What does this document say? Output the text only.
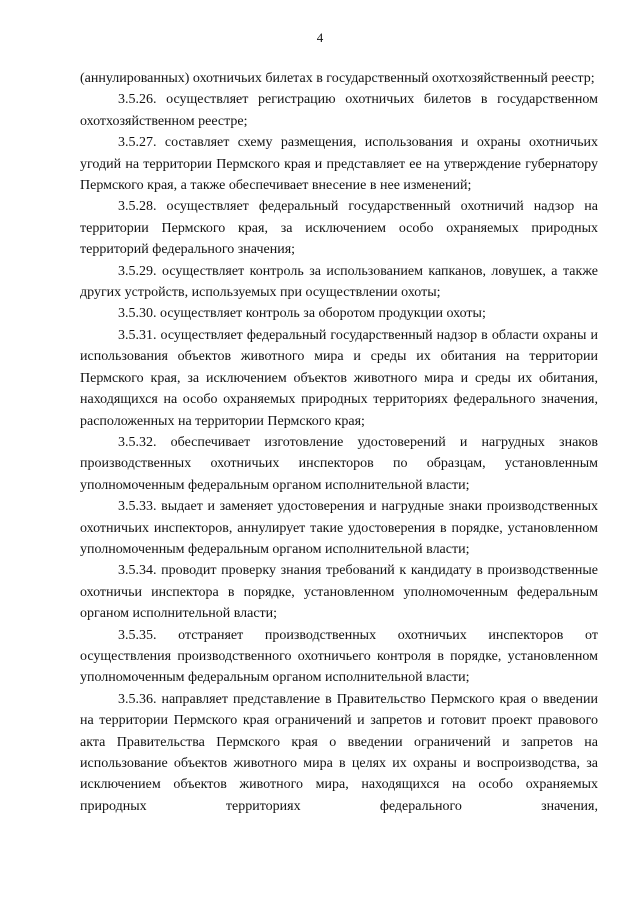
4

(аннулированных) охотничьих билетах в государственный охотхозяйственный реестр;

3.5.26. осуществляет регистрацию охотничьих билетов в государственном охотхозяйственном реестре;

3.5.27. составляет схему размещения, использования и охраны охотничьих угодий на территории Пермского края и представляет ее на утверждение губернатору Пермского края, а также обеспечивает внесение в нее изменений;

3.5.28. осуществляет федеральный государственный охотничий надзор на территории Пермского края, за исключением особо охраняемых природных территорий федерального значения;

3.5.29. осуществляет контроль за использованием капканов, ловушек, а также других устройств, используемых при осуществлении охоты;

3.5.30. осуществляет контроль за оборотом продукции охоты;

3.5.31. осуществляет федеральный государственный надзор в области охраны и использования объектов животного мира и среды их обитания на территории Пермского края, за исключением объектов животного мира и среды их обитания, находящихся на особо охраняемых природных территориях федерального значения, расположенных на территории Пермского края;

3.5.32. обеспечивает изготовление удостоверений и нагрудных знаков производственных охотничьих инспекторов по образцам, установленным уполномоченным федеральным органом исполнительной власти;

3.5.33. выдает и заменяет удостоверения и нагрудные знаки производственных охотничьих инспекторов, аннулирует такие удостоверения в порядке, установленном уполномоченным федеральным органом исполнительной власти;

3.5.34. проводит проверку знания требований к кандидату в производственные охотничьи инспектора в порядке, установленном уполномоченным федеральным органом исполнительной власти;

3.5.35. отстраняет производственных охотничьих инспекторов от осуществления производственного охотничьего контроля в порядке, установленном уполномоченным федеральным органом исполнительной власти;

3.5.36. направляет представление в Правительство Пермского края о введении на территории Пермского края ограничений и запретов и готовит проект правового акта Правительства Пермского края о введении ограничений и запретов на использование объектов животного мира в целях их охраны и воспроизводства, за исключением объектов животного мира, находящихся на особо охраняемых природных территориях федерального значения,
